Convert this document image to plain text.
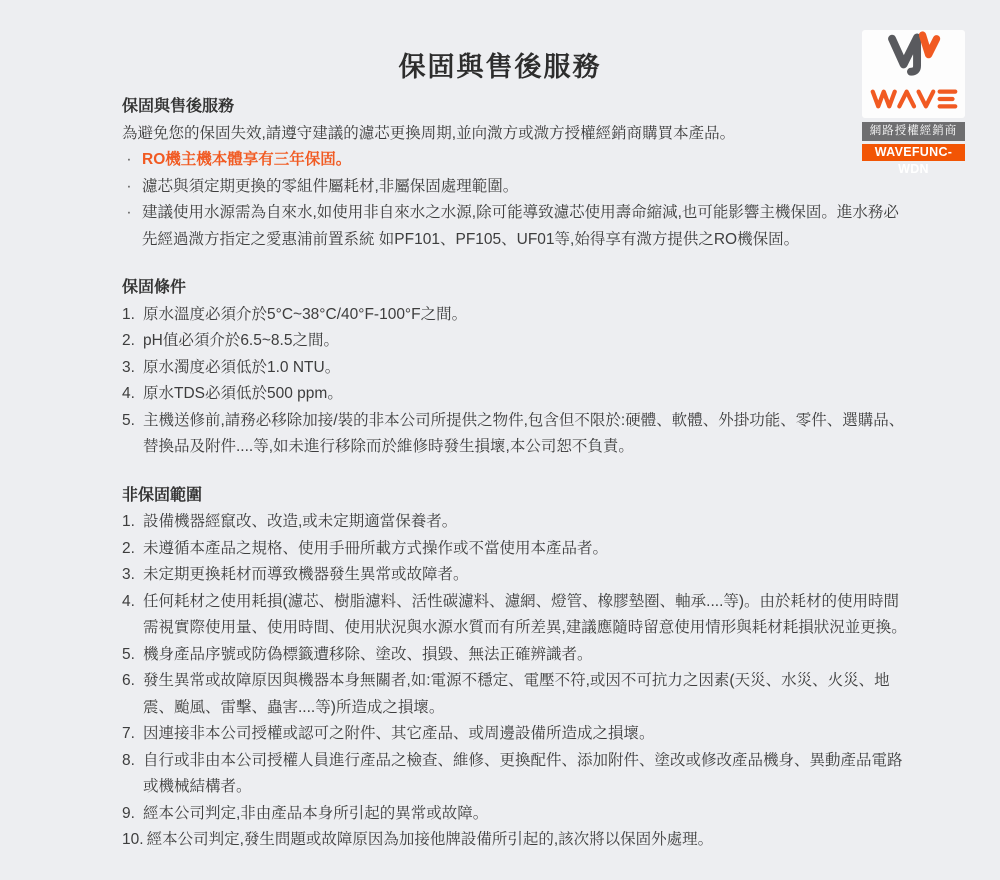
保固與售後服務
網路授權經銷商
WAVEFUNC-WDN
保固與售後服務
為避免您的保固失效,請遵守建議的濾芯更換周期,並向溦方或溦方授權經銷商購買本產品。
· RO機主機本體享有三年保固。
· 濾芯與須定期更換的零組件屬耗材,非屬保固處理範圍。
· 建議使用水源需為自來水,如使用非自來水之水源,除可能導致濾芯使用壽命縮減,也可能影響主機保固。進水務必先經過溦方指定之愛惠浦前置系統 如PF101、PF105、UF01等,始得享有溦方提供之RO機保固。
保固條件
1. 原水溫度必須介於5°C~38°C/40°F-100°F之間。
2. pH值必須介於6.5~8.5之間。
3. 原水濁度必須低於1.0 NTU。
4. 原水TDS必須低於500 ppm。
5. 主機送修前,請務必移除加接/裝的非本公司所提供之物件,包含但不限於:硬體、軟體、外掛功能、零件、選購品、替換品及附件....等,如未進行移除而於維修時發生損壞,本公司恕不負責。
非保固範圍
1. 設備機器經竄改、改造,或未定期適當保養者。
2. 未遵循本產品之規格、使用手冊所載方式操作或不當使用本產品者。
3. 未定期更換耗材而導致機器發生異常或故障者。
4. 任何耗材之使用耗損(濾芯、樹脂濾料、活性碳濾料、濾網、燈管、橡膠墊圈、軸承....等)。由於耗材的使用時間需視實際使用量、使用時間、使用狀況與水源水質而有所差異,建議應隨時留意使用情形與耗材耗損狀況並更換。
5. 機身產品序號或防偽標籤遭移除、塗改、損毀、無法正確辨識者。
6. 發生異常或故障原因與機器本身無關者,如:電源不穩定、電壓不符,或因不可抗力之因素(天災、水災、火災、地震、颱風、雷擊、蟲害....等)所造成之損壞。
7. 因連接非本公司授權或認可之附件、其它產品、或周邊設備所造成之損壞。
8. 自行或非由本公司授權人員進行產品之檢查、維修、更換配件、添加附件、塗改或修改產品機身、異動產品電路或機械結構者。
9. 經本公司判定,非由產品本身所引起的異常或故障。
10. 經本公司判定,發生問題或故障原因為加接他牌設備所引起的,該次將以保固外處理。
